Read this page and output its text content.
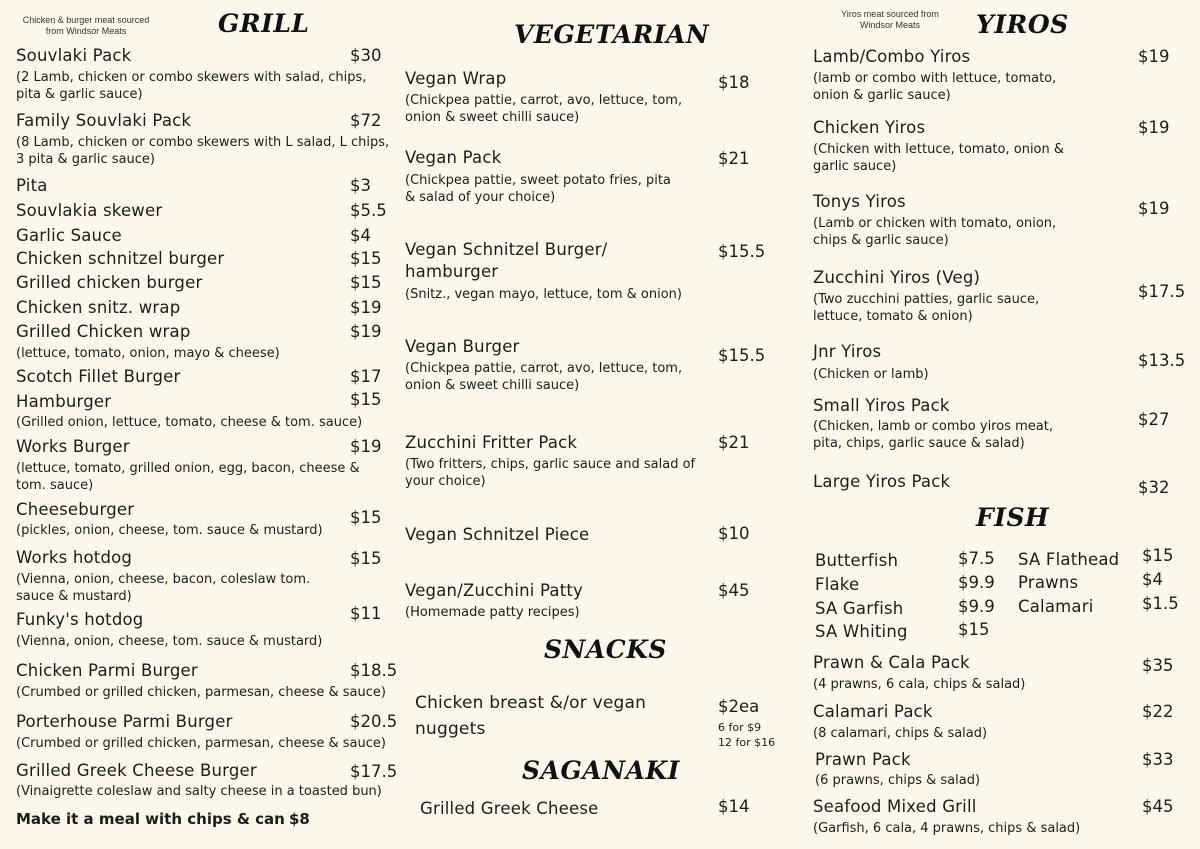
Chicken & burger meat sourced from Windsor Meats	GRILL
Souvlaki Pack	$30
(2 Lamb, chicken or combo skewers with salad, chips, pita & garlic sauce)
Family Souvlaki Pack	$72
(8 Lamb, chicken or combo skewers with L salad, L chips, 3 pita & garlic sauce)
Pita	$3
Souvlakia skewer	$5.5
Garlic Sauce	$4
Chicken schnitzel burger	$15
Grilled chicken burger	$15
Chicken snitz. wrap	$19
Grilled Chicken wrap	$19
(lettuce, tomato, onion, mayo & cheese)
Scotch Fillet Burger	$17
Hamburger	$15
(Grilled onion, lettuce, tomato, cheese & tom. sauce)
Works Burger	$19
(lettuce, tomato, grilled onion, egg, bacon, cheese & tom. sauce)
Cheeseburger	$15
(pickles, onion, cheese, tom. sauce & mustard)
Works hotdog	$15
(Vienna, onion, cheese, bacon, coleslaw tom. sauce & mustard)
Funky's hotdog	$11
(Vienna, onion, cheese, tom. sauce & mustard)
Chicken Parmi Burger	$18.5
(Crumbed or grilled chicken, parmesan, cheese & sauce)
Porterhouse Parmi Burger	$20.5
(Crumbed or grilled chicken, parmesan, cheese & sauce)
Grilled Greek Cheese Burger	$17.5
(Vinaigrette coleslaw and salty cheese in a toasted bun)
Make it a meal with chips & can $8
VEGETARIAN
Vegan Wrap	$18
(Chickpea pattie, carrot, avo, lettuce, tom, onion & sweet chilli sauce)
Vegan Pack	$21
(Chickpea pattie, sweet potato fries, pita & salad of your choice)
Vegan Schnitzel Burger/ hamburger
$15.5
(Snitz., vegan mayo, lettuce, tom & onion)
Vegan Burger	$15.5
(Chickpea pattie, carrot, avo, lettuce, tom, onion & sweet chilli sauce)
Zucchini Fritter Pack	$21
(Two fritters, chips, garlic sauce and salad of your choice)
Vegan Schnitzel Piece	$10
Vegan/Zucchini Patty	$45
(Homemade patty recipes)
SNACKS
Chicken breast &/or vegan nuggets
$2ea
6 for $9
12 for $16
SAGANAKI
Grilled Greek Cheese	$14
Yiros meat sourced from Windsor Meats	YIROS
Lamb/Combo Yiros	$19
(lamb or combo with lettuce, tomato, onion & garlic sauce)
Chicken Yiros	$19
(Chicken with lettuce, tomato, onion & garlic sauce)
Tonys Yiros	$19
(Lamb or chicken with tomato, onion, chips & garlic sauce)
Zucchini Yiros (Veg)
$17.5
(Two zucchini patties, garlic sauce, lettuce, tomato & onion)
Jnr Yiros	$13.5
(Chicken or lamb)
Small Yiros Pack
$27
(Chicken, lamb or combo yiros meat, pita, chips, garlic sauce & salad)
Large Yiros Pack	$32
FISH
Butterfish	$7.5
Flake	$9.9
SA Garfish	$9.9
SA Whiting	$15
SA Flathead $15
Prawns	$4
Calamari	$1.5
Prawn & Cala Pack	$35
(4 prawns, 6 cala, chips & salad)
Calamari Pack	$22
(8 calamari, chips & salad)
Prawn Pack	$33
(6 prawns, chips & salad)
Seafood Mixed Grill	$45
(Garfish, 6 cala, 4 prawns, chips & salad)
